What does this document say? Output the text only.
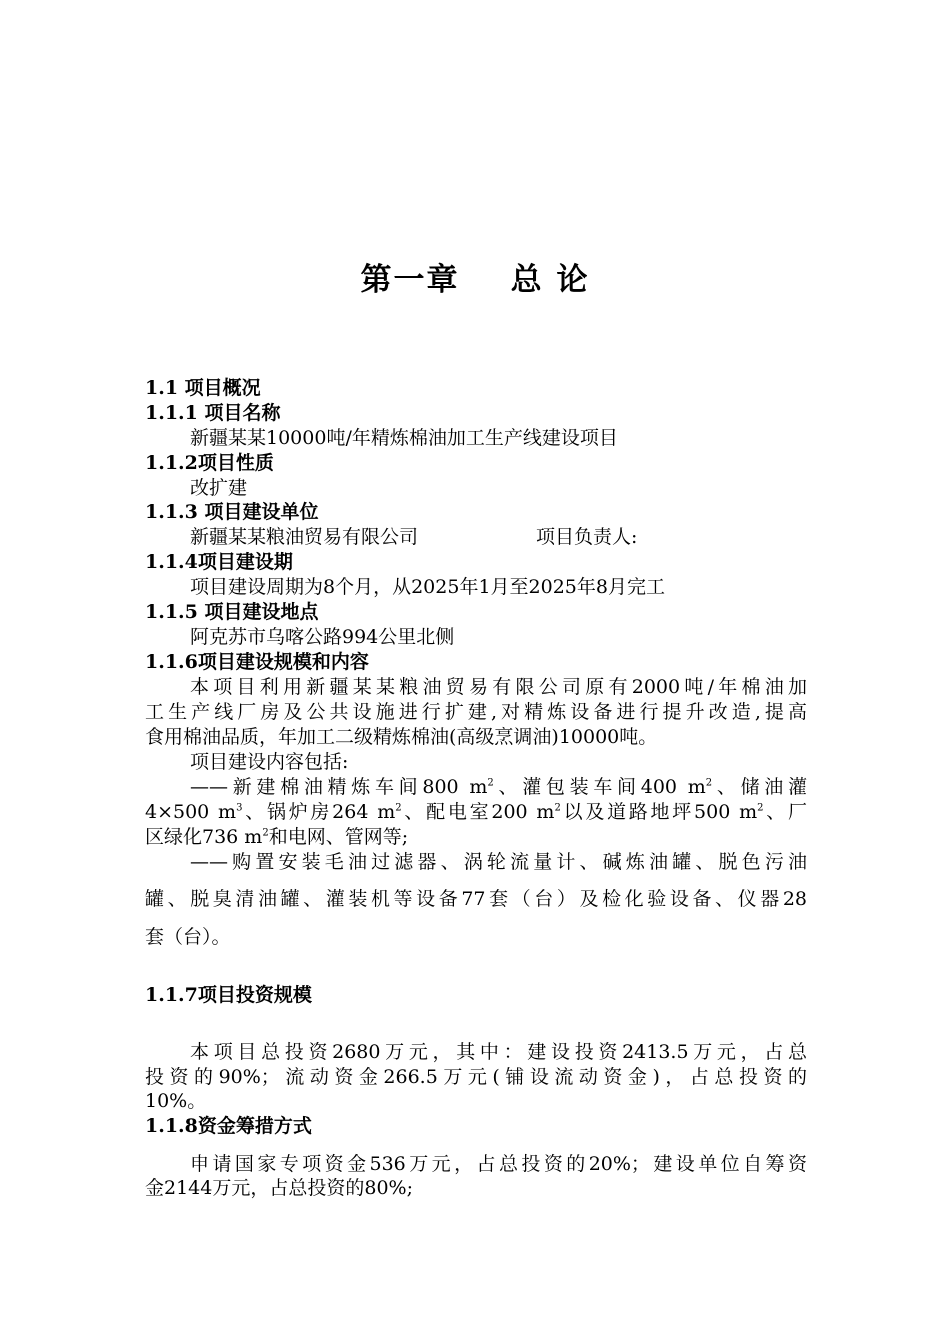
第一章    总 论
1.1 项目概况
1.1.1 项目名称
新疆某某10000吨/年精炼棉油加工生产线建设项目
1.1.2项目性质
改扩建
1.1.3 项目建设单位
新疆某某粮油贸易有限公司	项目负责人:
1.1.4项目建设期
项目建设周期为8个月，从2025年1月至2025年8月完工
1.1.5 项目建设地点
阿克苏市乌喀公路994公里北侧
1.1.6项目建设规模和内容
本项目利用新疆某某粮油贸易有限公司原有2000吨/年棉油加
工生产线厂房及公共设施进行扩建,对精炼设备进行提升改造,提高
食用棉油品质，年加工二级精炼棉油(高级烹调油)10000吨。
项目建设内容包括:
——新建棉油精炼车间800 $m^2$、灌包装车间400 $m^2$、储油灌
4×500 $m^3$、锅炉房264 $m^2$、配电室200 $m^2$以及道路地坪500 $m^2$、厂
区绿化736 $m^2$和电网、管网等;
——购置安装毛油过滤器、涡轮流量计、碱炼油罐、脱色污油
罐、脱臭清油罐、灌装机等设备77套（台）及检化验设备、仪器28
套（台）。
1.1.7项目投资规模
本项目总投资2680万元，其中：建设投资2413.5万元，占总
投资的90%；流动资金266.5万元(铺设流动资金)，占总投资的
10%。
1.1.8资金筹措方式
申请国家专项资金536万元，占总投资的20%；建设单位自筹资
金2144万元，占总投资的80%;
